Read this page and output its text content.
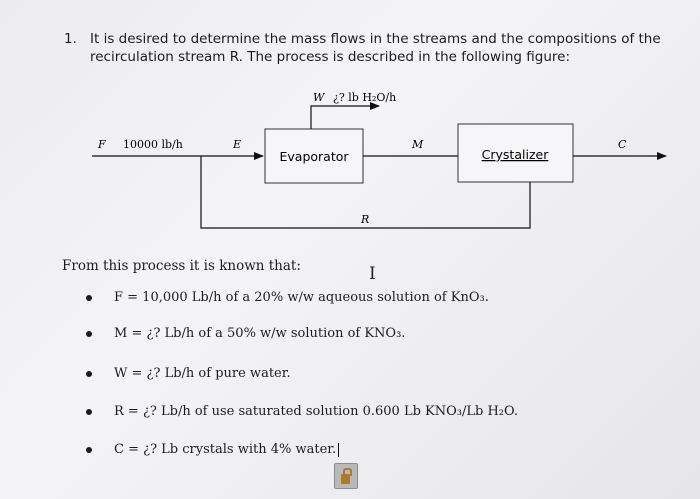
1. It is desired to determine the mass flows in the streams and the compositions of the recirculation stream R. The process is described in the following figure:
Evaporator	Crystalizer
F 10000 lb/h	E
W ¿? lb H₂O/h
M	C
R
From this process it is known that:	I
F = 10,000 Lb/h of a 20% w/w aqueous solution of KnO₃.
M = ¿? Lb/h of a 50% w/w solution of KNO₃.
W = ¿? Lb/h of pure water.
R = ¿? Lb/h of use saturated solution 0.600 Lb KNO₃/Lb H₂O.
C = ¿? Lb crystals with 4% water.
